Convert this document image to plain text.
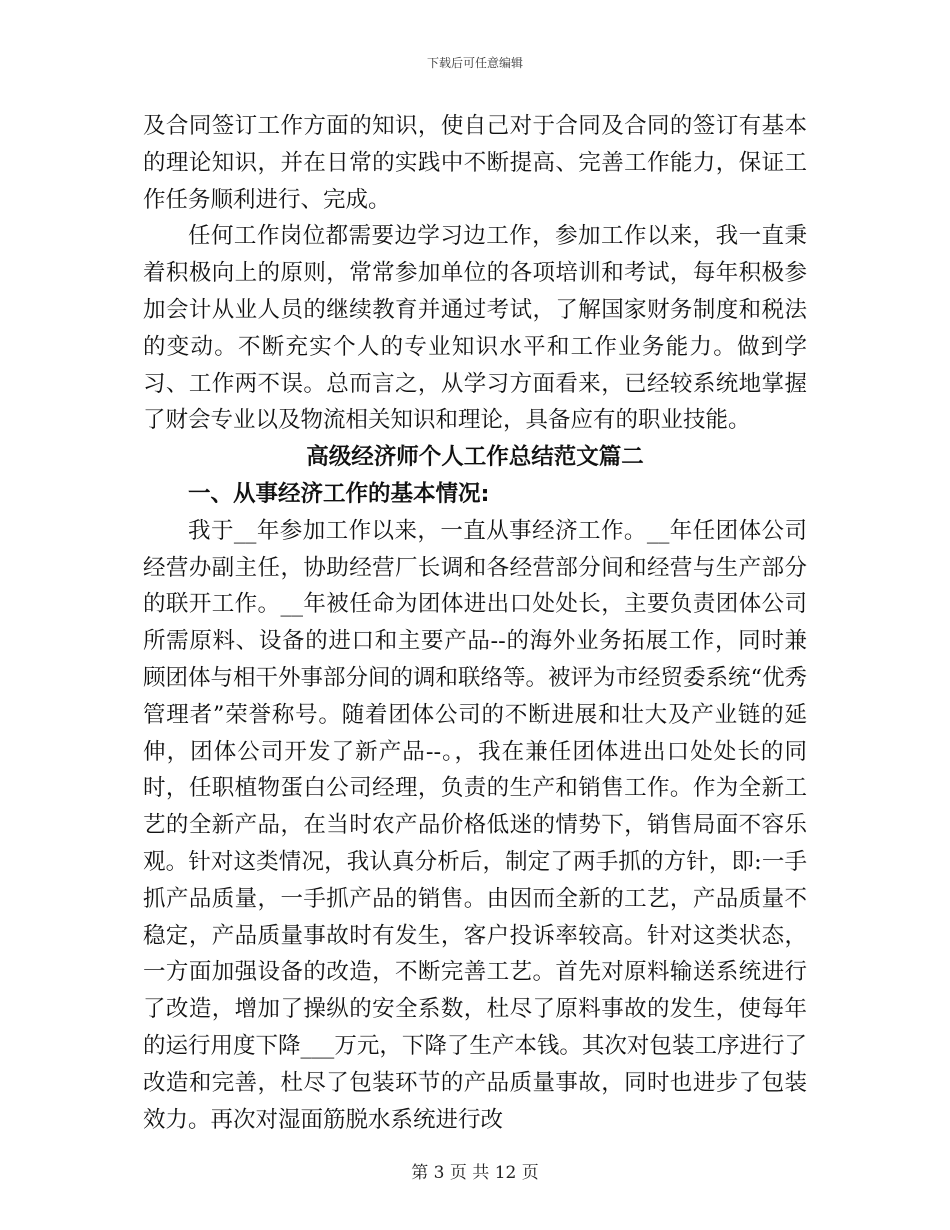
下载后可任意编辑

及合同签订工作方面的知识，使自己对于合同及合同的签订有基本的理论知识，并在日常的实践中不断提高、完善工作能力，保证工作任务顺利进行、完成。

任何工作岗位都需要边学习边工作，参加工作以来，我一直秉着积极向上的原则，常常参加单位的各项培训和考试，每年积极参加会计从业人员的继续教育并通过考试，了解国家财务制度和税法的变动。不断充实个人的专业知识水平和工作业务能力。做到学习、工作两不误。总而言之，从学习方面看来，已经较系统地掌握了财会专业以及物流相关知识和理论，具备应有的职业技能。

高级经济师个人工作总结范文篇二

一、从事经济工作的基本情况:

我于__年参加工作以来，一直从事经济工作。__年任团体公司经营办副主任，协助经营厂长调和各经营部分间和经营与生产部分的联开工作。__年被任命为团体进出口处处长，主要负责团体公司所需原料、设备的进口和主要产品--的海外业务拓展工作，同时兼顾团体与相干外事部分间的调和联络等。被评为市经贸委系统“优秀管理者”荣誉称号。随着团体公司的不断进展和壮大及产业链的延伸，团体公司开发了新产品--。，我在兼任团体进出口处处长的同时，任职植物蛋白公司经理，负责的生产和销售工作。作为全新工艺的全新产品，在当时农产品价格低迷的情势下，销售局面不容乐观。针对这类情况，我认真分析后，制定了两手抓的方针，即:一手抓产品质量，一手抓产品的销售。由因而全新的工艺，产品质量不稳定，产品质量事故时有发生，客户投诉率较高。针对这类状态，一方面加强设备的改造，不断完善工艺。首先对原料输送系统进行了改造，增加了操纵的安全系数，杜尽了原料事故的发生，使每年的运行用度下降___万元，下降了生产本钱。其次对包装工序进行了改造和完善，杜尽了包装环节的产品质量事故，同时也进步了包装效力。再次对湿面筋脱水系统进行改

第 3 页 共 12 页
